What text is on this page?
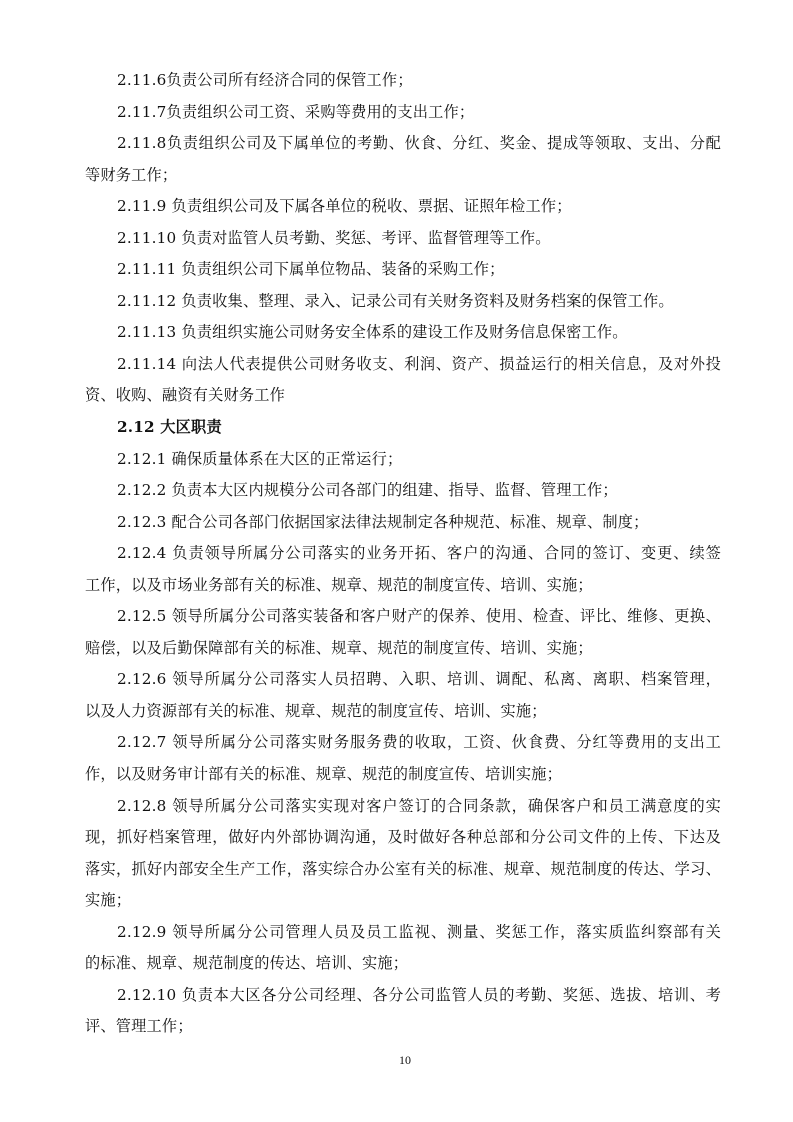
2.11.6负责公司所有经济合同的保管工作；
2.11.7负责组织公司工资、采购等费用的支出工作；
2.11.8负责组织公司及下属单位的考勤、伙食、分红、奖金、提成等领取、支出、分配
等财务工作；
2.11.9 负责组织公司及下属各单位的税收、票据、证照年检工作；
2.11.10 负责对监管人员考勤、奖惩、考评、监督管理等工作。
2.11.11 负责组织公司下属单位物品、装备的采购工作；
2.11.12 负责收集、整理、录入、记录公司有关财务资料及财务档案的保管工作。
2.11.13 负责组织实施公司财务安全体系的建设工作及财务信息保密工作。
2.11.14 向法人代表提供公司财务收支、利润、资产、损益运行的相关信息，及对外投
资、收购、融资有关财务工作
2.12 大区职责
2.12.1 确保质量体系在大区的正常运行；
2.12.2 负责本大区内规模分公司各部门的组建、指导、监督、管理工作；
2.12.3 配合公司各部门依据国家法律法规制定各种规范、标准、规章、制度；
2.12.4 负责领导所属分公司落实的业务开拓、客户的沟通、合同的签订、变更、续签
工作，以及市场业务部有关的标准、规章、规范的制度宣传、培训、实施；
2.12.5 领导所属分公司落实装备和客户财产的保养、使用、检查、评比、维修、更换、
赔偿，以及后勤保障部有关的标准、规章、规范的制度宣传、培训、实施；
2.12.6 领导所属分公司落实人员招聘、入职、培训、调配、私离、离职、档案管理，
以及人力资源部有关的标准、规章、规范的制度宣传、培训、实施；
2.12.7 领导所属分公司落实财务服务费的收取，工资、伙食费、分红等费用的支出工
作，以及财务审计部有关的标准、规章、规范的制度宣传、培训实施；
2.12.8 领导所属分公司落实实现对客户签订的合同条款，确保客户和员工满意度的实
现，抓好档案管理，做好内外部协调沟通，及时做好各种总部和分公司文件的上传、下达及
落实，抓好内部安全生产工作，落实综合办公室有关的标准、规章、规范制度的传达、学习、
实施；
2.12.9 领导所属分公司管理人员及员工监视、测量、奖惩工作，落实质监纠察部有关
的标准、规章、规范制度的传达、培训、实施；
2.12.10 负责本大区各分公司经理、各分公司监管人员的考勤、奖惩、选拔、培训、考
评、管理工作；
10
